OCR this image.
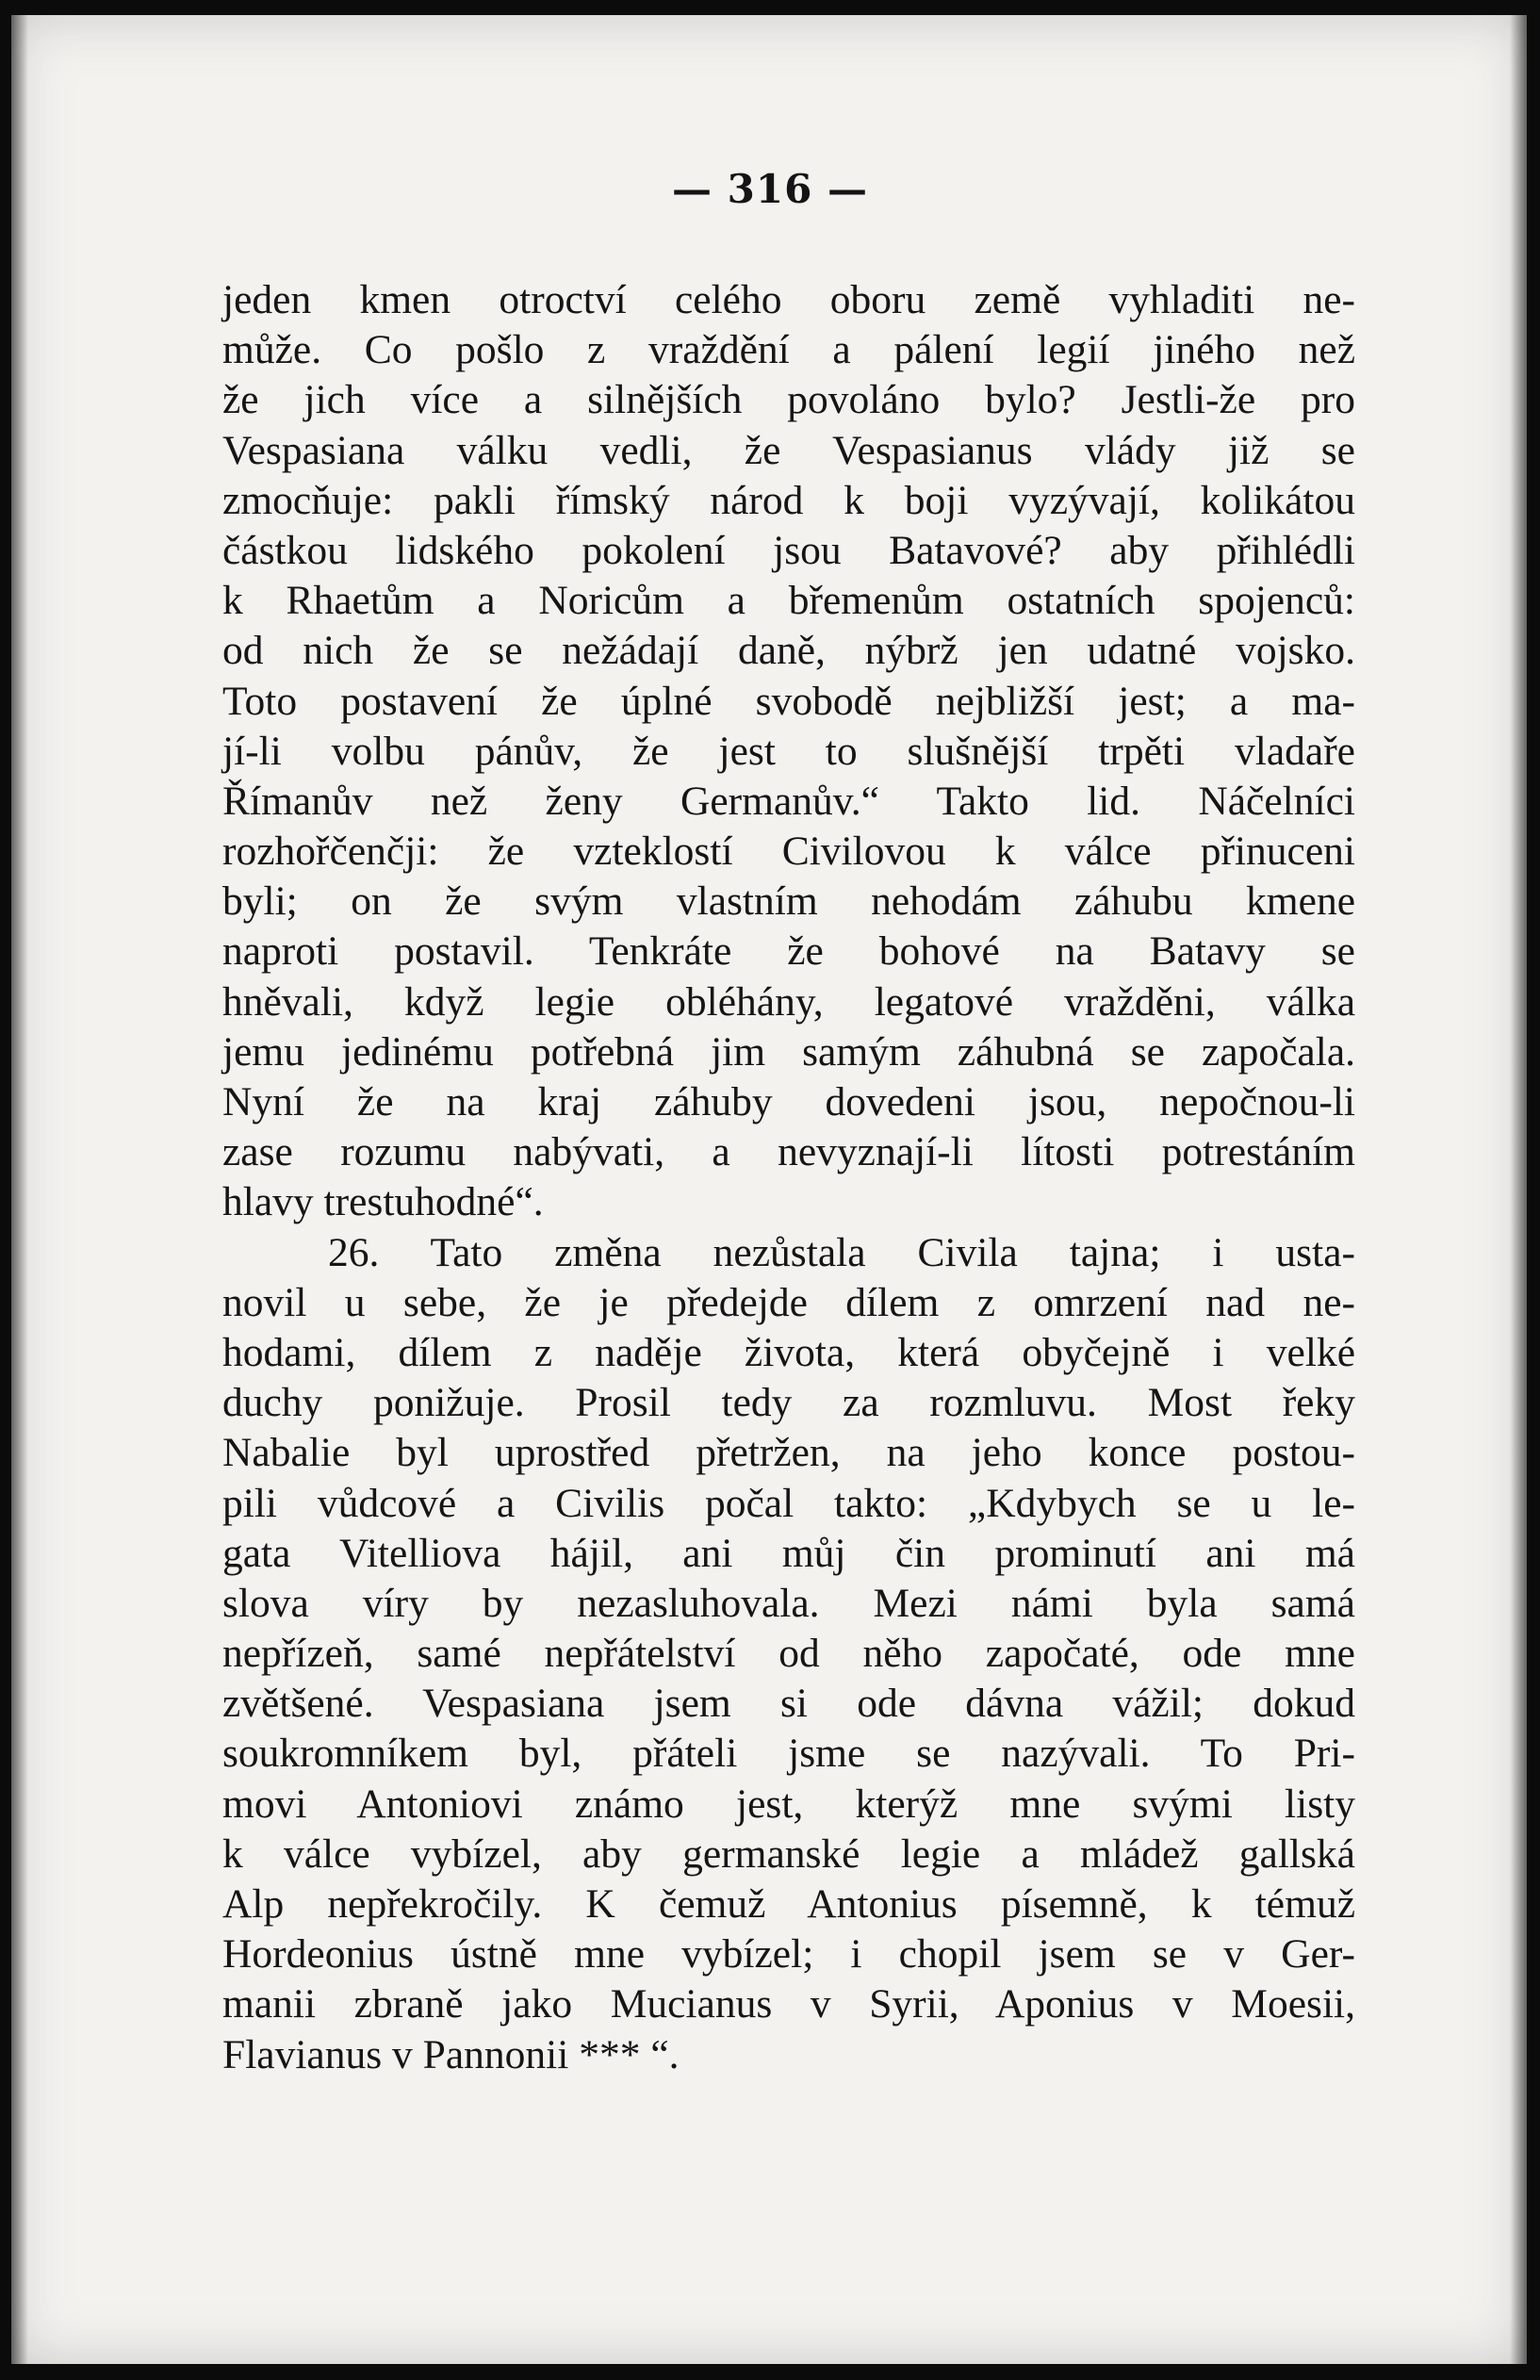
— 316 —
jeden kmen otroctví celého oboru země vyhladiti ne-
může. Co pošlo z vraždění a pálení legií jiného než
že jich více a silnějších povoláno bylo? Jestli-že pro
Vespasiana válku vedli, že Vespasianus vlády již se
zmocňuje: pakli římský národ k boji vyzývají, kolikátou
částkou lidského pokolení jsou Batavové? aby přihlédli
k Rhaetům a Noricům a břemenům ostatních spojenců:
od nich že se nežádají daně, nýbrž jen udatné vojsko.
Toto postavení že úplné svobodě nejbližší jest; a ma-
jí-li volbu pánův, že jest to slušnější trpěti vladaře
Římanův než ženy Germanův.“ Takto lid. Náčelníci
rozhořčenčji: že vzteklostí Civilovou k válce přinuceni
byli; on že svým vlastním nehodám záhubu kmene
naproti postavil. Tenkráte že bohové na Batavy se
hněvali, když legie obléhány, legatové vražděni, válka
jemu jedinému potřebná jim samým záhubná se započala.
Nyní že na kraj záhuby dovedeni jsou, nepočnou-li
zase rozumu nabývati, a nevyznají-li lítosti potrestáním
hlavy trestuhodné“.
26. Tato změna nezůstala Civila tajna; i usta-
novil u sebe, že je předejde dílem z omrzení nad ne-
hodami, dílem z naděje života, která obyčejně i velké
duchy ponižuje. Prosil tedy za rozmluvu. Most řeky
Nabalie byl uprostřed přetržen, na jeho konce postou-
pili vůdcové a Civilis počal takto: „Kdybych se u le-
gata Vitelliova hájil, ani můj čin prominutí ani má
slova víry by nezasluhovala. Mezi námi byla samá
nepřízeň, samé nepřátelství od něho započaté, ode mne
zvětšené. Vespasiana jsem si ode dávna vážil; dokud
soukromníkem byl, přáteli jsme se nazývali. To Pri-
movi Antoniovi známo jest, kterýž mne svými listy
k válce vybízel, aby germanské legie a mládež gallská
Alp nepřekročily. K čemuž Antonius písemně, k témuž
Hordeonius ústně mne vybízel; i chopil jsem se v Ger-
manii zbraně jako Mucianus v Syrii, Aponius v Moesii,
Flavianus v Pannonii *** “.
